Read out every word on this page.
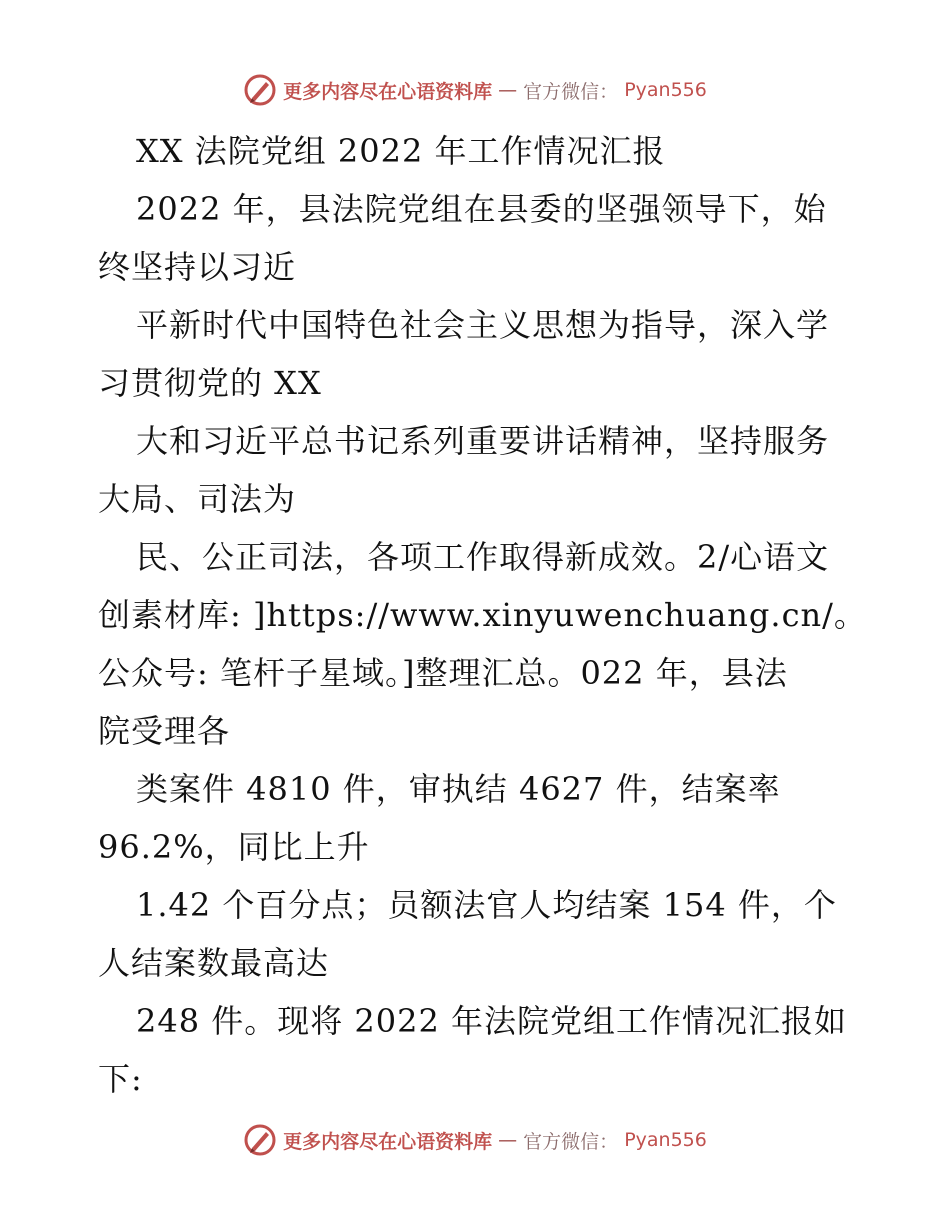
更多内容尽在心语资料库 — 官方微信： Pyan556
XX 法院党组 2022 年工作情况汇报
2022 年，县法院党组在县委的坚强领导下，始
终坚持以习近
平新时代中国特色社会主义思想为指导，深入学
习贯彻党的 XX
大和习近平总书记系列重要讲话精神，坚持服务
大局、司法为
民、公正司法，各项工作取得新成效。2/心语文
创素材库: ]https://www.xinyuwenchuang.cn/。
公众号: 笔杆子星域。]整理汇总。022 年，县法
院受理各
类案件 4810 件，审执结 4627 件，结案率
96.2%，同比上升
1.42 个百分点；员额法官人均结案 154 件，个
人结案数最高达
248 件。现将 2022 年法院党组工作情况汇报如
下:
更多内容尽在心语资料库 — 官方微信： Pyan556
